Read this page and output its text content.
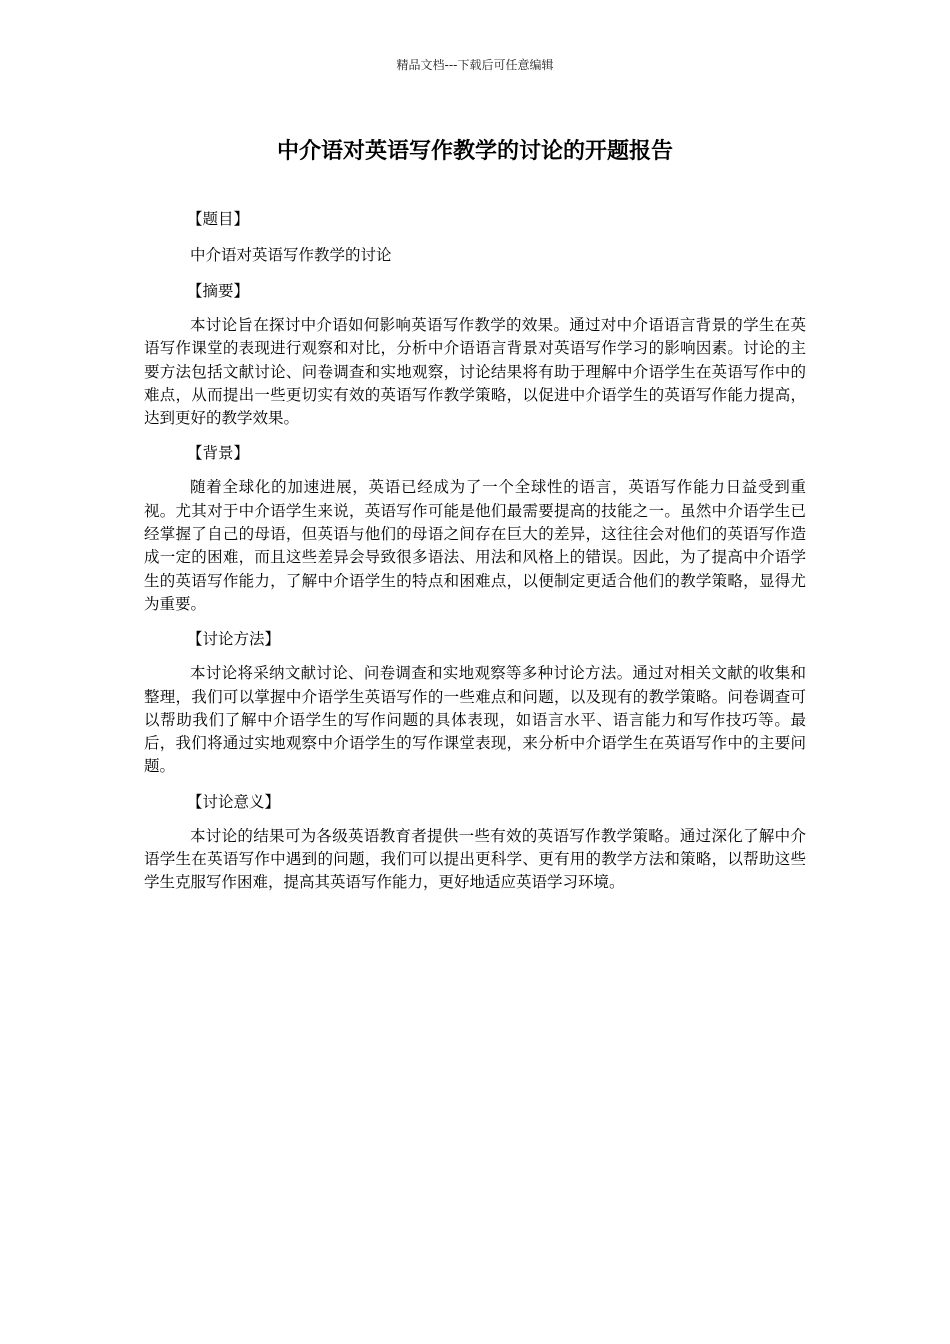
精品文档---下载后可任意编辑
中介语对英语写作教学的讨论的开题报告

【题目】

中介语对英语写作教学的讨论

【摘要】

本讨论旨在探讨中介语如何影响英语写作教学的效果。通过对中介语语言背景的学生在英语写作课堂的表现进行观察和对比，分析中介语语言背景对英语写作学习的影响因素。讨论的主要方法包括文献讨论、问卷调查和实地观察，讨论结果将有助于理解中介语学生在英语写作中的难点，从而提出一些更切实有效的英语写作教学策略，以促进中介语学生的英语写作能力提高，达到更好的教学效果。

【背景】

随着全球化的加速进展，英语已经成为了一个全球性的语言，英语写作能力日益受到重视。尤其对于中介语学生来说，英语写作可能是他们最需要提高的技能之一。虽然中介语学生已经掌握了自己的母语，但英语与他们的母语之间存在巨大的差异，这往往会对他们的英语写作造成一定的困难，而且这些差异会导致很多语法、用法和风格上的错误。因此，为了提高中介语学生的英语写作能力，了解中介语学生的特点和困难点，以便制定更适合他们的教学策略，显得尤为重要。

【讨论方法】

本讨论将采纳文献讨论、问卷调查和实地观察等多种讨论方法。通过对相关文献的收集和整理，我们可以掌握中介语学生英语写作的一些难点和问题，以及现有的教学策略。问卷调查可以帮助我们了解中介语学生的写作问题的具体表现，如语言水平、语言能力和写作技巧等。最后，我们将通过实地观察中介语学生的写作课堂表现，来分析中介语学生在英语写作中的主要问题。

【讨论意义】

本讨论的结果可为各级英语教育者提供一些有效的英语写作教学策略。通过深化了解中介语学生在英语写作中遇到的问题，我们可以提出更科学、更有用的教学方法和策略，以帮助这些学生克服写作困难，提高其英语写作能力，更好地适应英语学习环境。
